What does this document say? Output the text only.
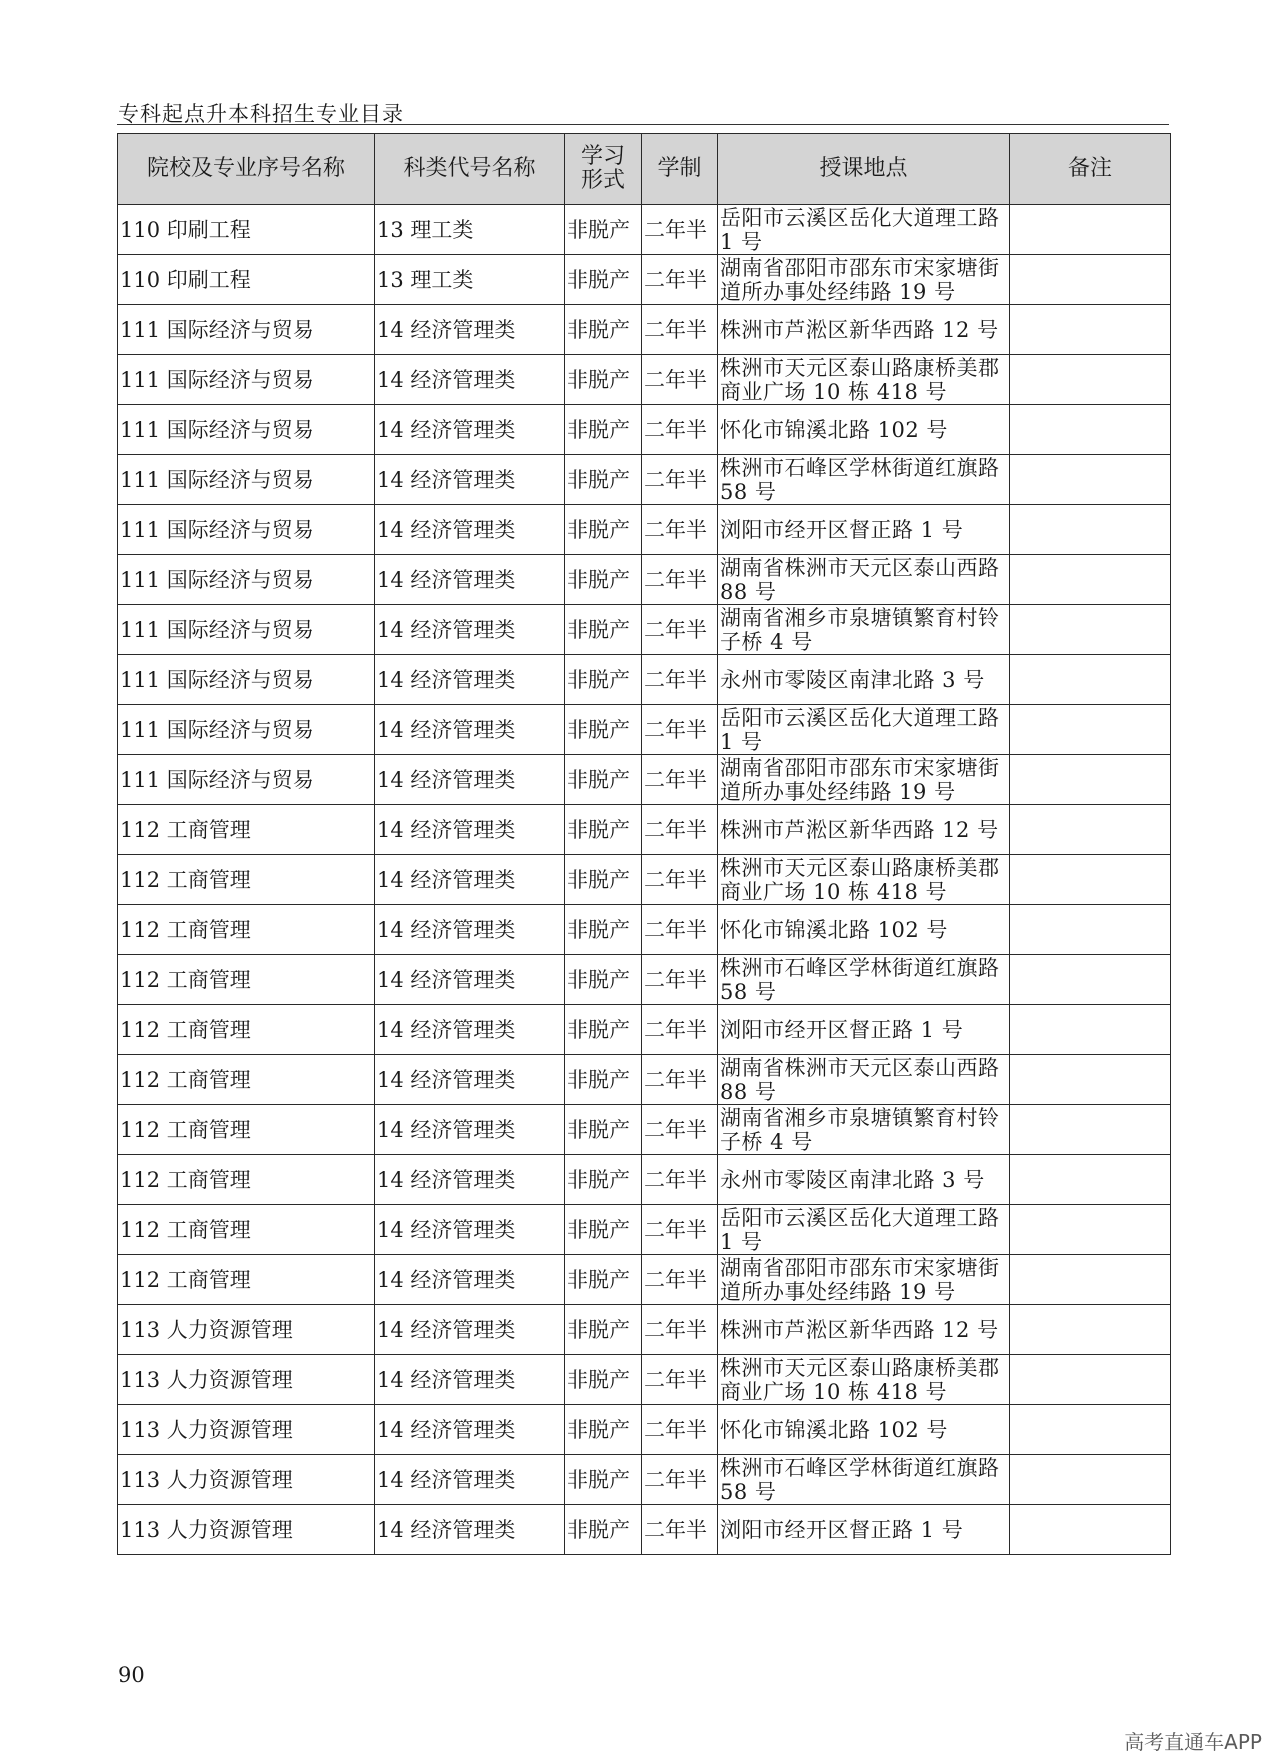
专科起点升本科招生专业目录
院校及专业序号名称	科类代号名称	学习
形式	学制	授课地点	备注
110 印刷工程	13 理工类	非脱产	二年半	岳阳市云溪区岳化大道理工路 1 号	
110 印刷工程	13 理工类	非脱产	二年半	湖南省邵阳市邵东市宋家塘街道所办事处经纬路 19 号	
111 国际经济与贸易	14 经济管理类	非脱产	二年半	株洲市芦淞区新华西路 12 号	
111 国际经济与贸易	14 经济管理类	非脱产	二年半	株洲市天元区泰山路康桥美郡商业广场 10 栋 418 号	
111 国际经济与贸易	14 经济管理类	非脱产	二年半	怀化市锦溪北路 102 号	
111 国际经济与贸易	14 经济管理类	非脱产	二年半	株洲市石峰区学林街道红旗路 58 号	
111 国际经济与贸易	14 经济管理类	非脱产	二年半	浏阳市经开区督正路 1 号	
111 国际经济与贸易	14 经济管理类	非脱产	二年半	湖南省株洲市天元区泰山西路 88 号	
111 国际经济与贸易	14 经济管理类	非脱产	二年半	湖南省湘乡市泉塘镇繁育村铃子桥 4 号	
111 国际经济与贸易	14 经济管理类	非脱产	二年半	永州市零陵区南津北路 3 号	
111 国际经济与贸易	14 经济管理类	非脱产	二年半	岳阳市云溪区岳化大道理工路 1 号	
111 国际经济与贸易	14 经济管理类	非脱产	二年半	湖南省邵阳市邵东市宋家塘街道所办事处经纬路 19 号	
112 工商管理	14 经济管理类	非脱产	二年半	株洲市芦淞区新华西路 12 号	
112 工商管理	14 经济管理类	非脱产	二年半	株洲市天元区泰山路康桥美郡商业广场 10 栋 418 号	
112 工商管理	14 经济管理类	非脱产	二年半	怀化市锦溪北路 102 号	
112 工商管理	14 经济管理类	非脱产	二年半	株洲市石峰区学林街道红旗路 58 号	
112 工商管理	14 经济管理类	非脱产	二年半	浏阳市经开区督正路 1 号	
112 工商管理	14 经济管理类	非脱产	二年半	湖南省株洲市天元区泰山西路 88 号	
112 工商管理	14 经济管理类	非脱产	二年半	湖南省湘乡市泉塘镇繁育村铃子桥 4 号	
112 工商管理	14 经济管理类	非脱产	二年半	永州市零陵区南津北路 3 号	
112 工商管理	14 经济管理类	非脱产	二年半	岳阳市云溪区岳化大道理工路 1 号	
112 工商管理	14 经济管理类	非脱产	二年半	湖南省邵阳市邵东市宋家塘街道所办事处经纬路 19 号	
113 人力资源管理	14 经济管理类	非脱产	二年半	株洲市芦淞区新华西路 12 号	
113 人力资源管理	14 经济管理类	非脱产	二年半	株洲市天元区泰山路康桥美郡商业广场 10 栋 418 号	
113 人力资源管理	14 经济管理类	非脱产	二年半	怀化市锦溪北路 102 号	
113 人力资源管理	14 经济管理类	非脱产	二年半	株洲市石峰区学林街道红旗路 58 号	
113 人力资源管理	14 经济管理类	非脱产	二年半	浏阳市经开区督正路 1 号	
90
高考直通车APP
